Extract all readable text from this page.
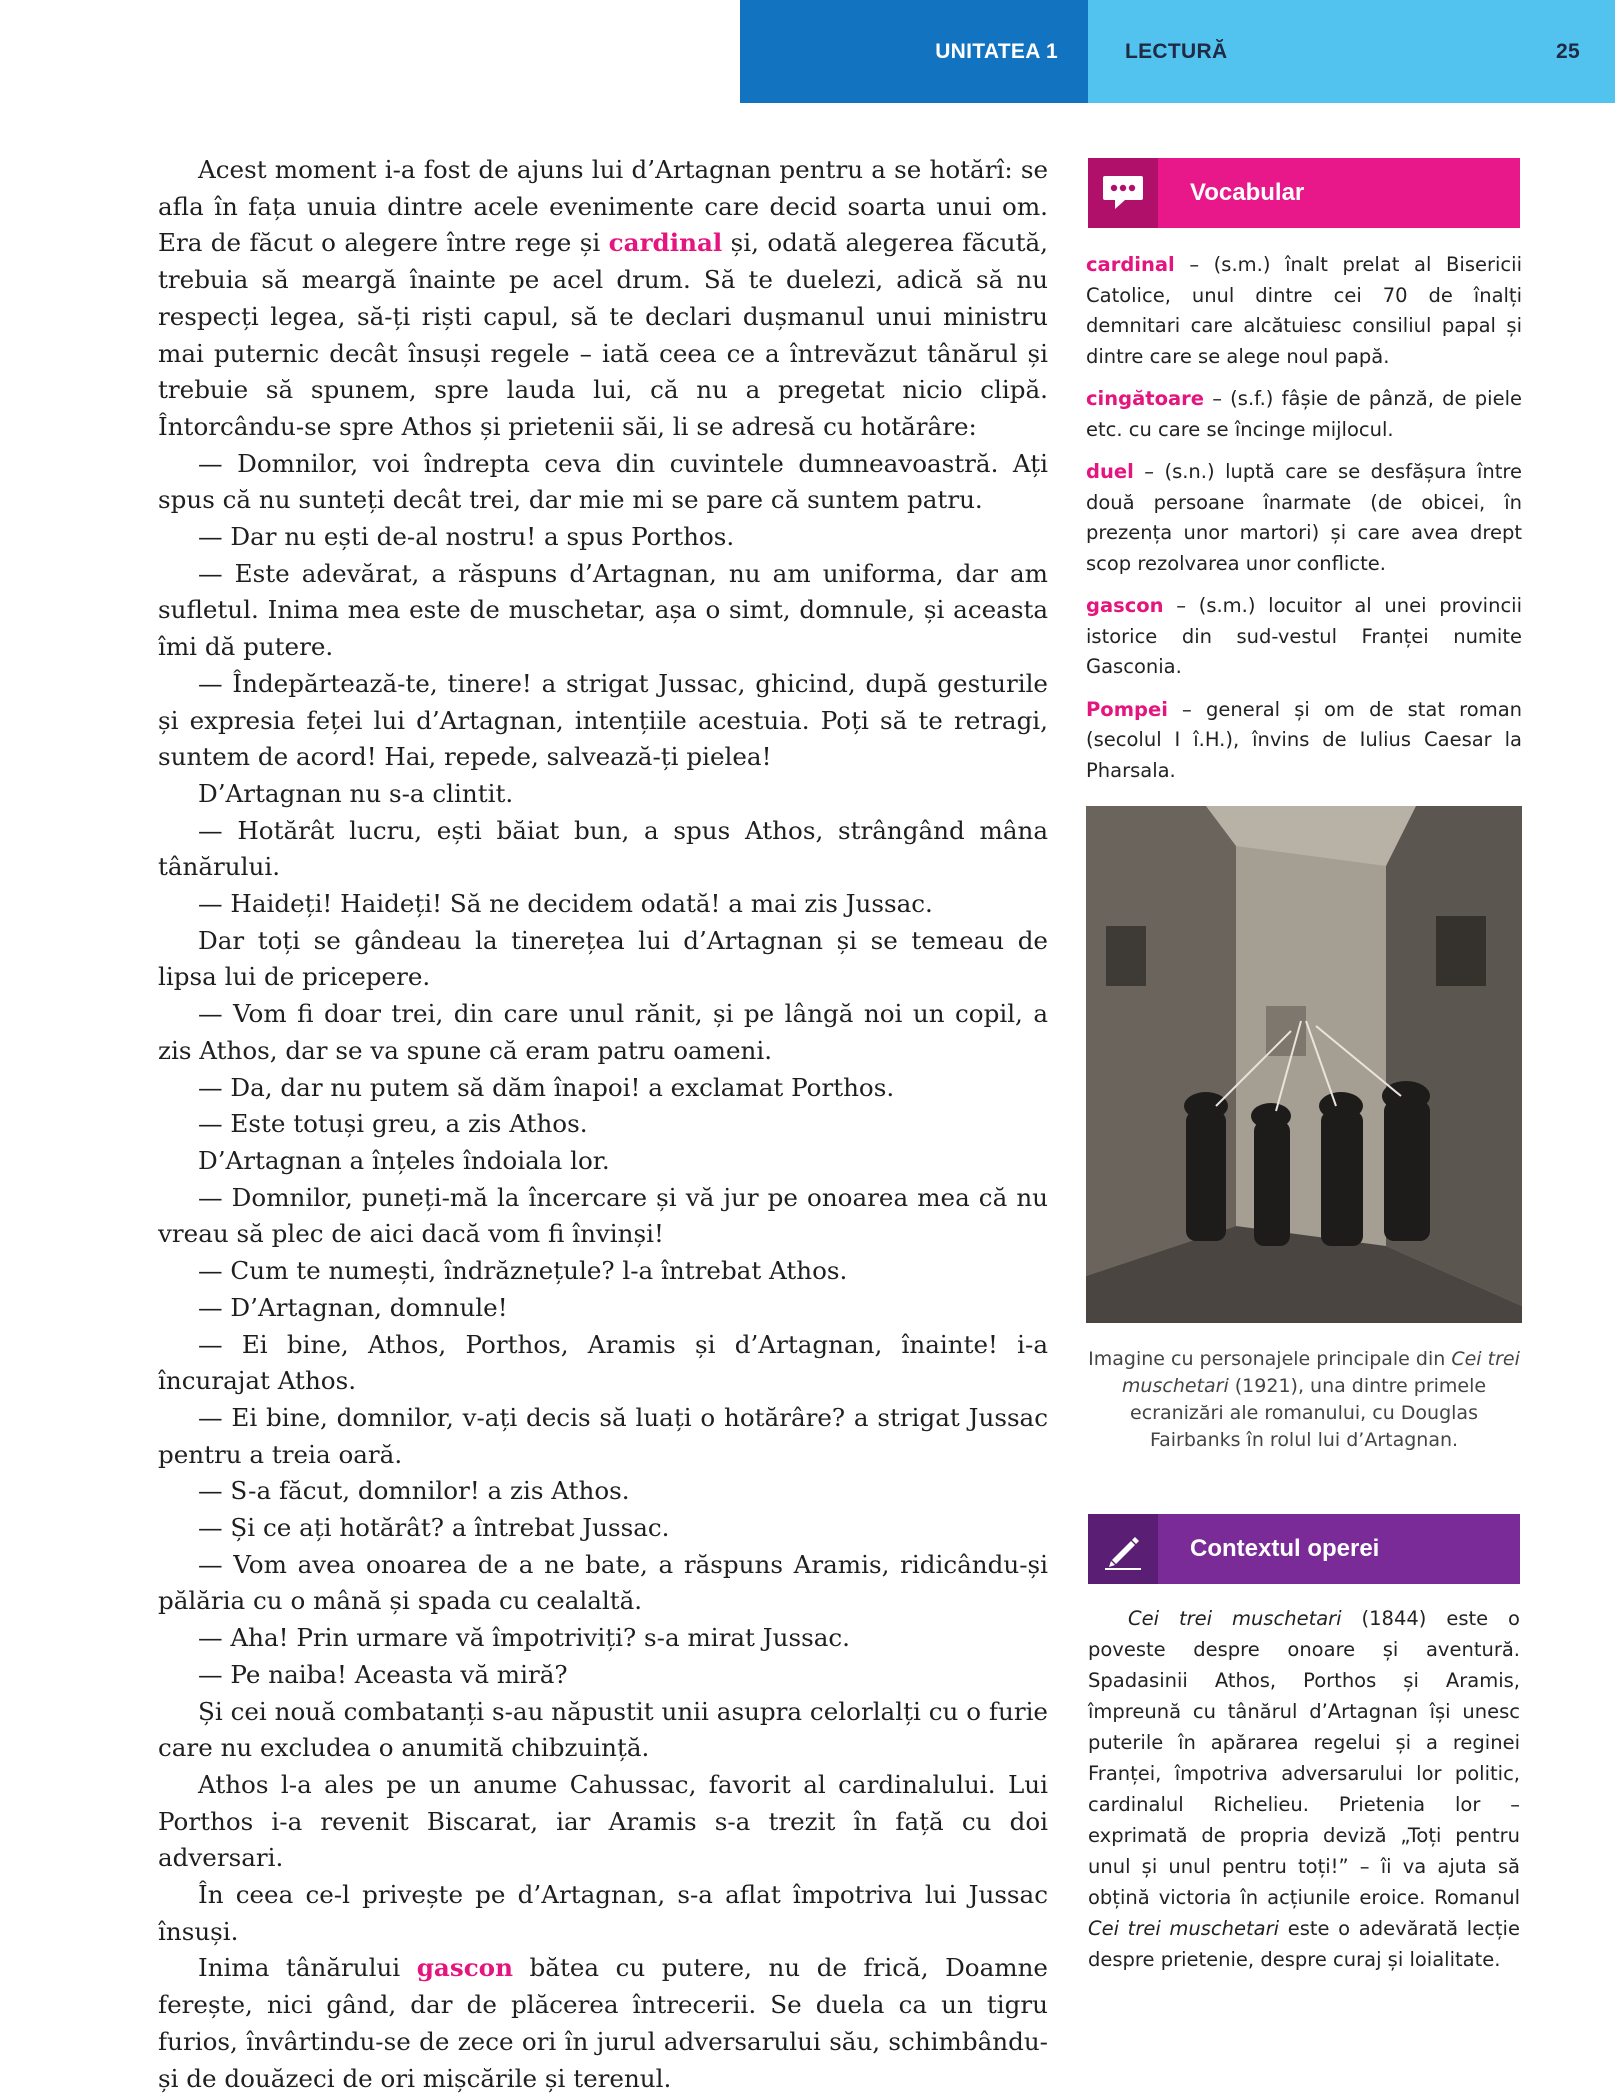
UNITATEA 1	LECTURĂ	25

Acest moment i-a fost de ajuns lui d’Artagnan pentru a se hotărî: se afla în fața unuia dintre acele evenimente care decid soarta unui om. Era de făcut o alegere între rege și cardinal și, odată alegerea făcută, trebuia să meargă înainte pe acel drum. Să te duelezi, adică să nu respecți legea, să-ți riști capul, să te declari dușmanul unui ministru mai puternic decât însuși regele – iată ceea ce a întrevăzut tânărul și trebuie să spunem, spre lauda lui, că nu a pregetat nicio clipă. Întorcându-se spre Athos și prietenii săi, li se adresă cu hotărâre:

— Domnilor, voi îndrepta ceva din cuvintele dumneavoastră. Ați spus că nu sunteți decât trei, dar mie mi se pare că suntem patru.

— Dar nu ești de-al nostru! a spus Porthos.

— Este adevărat, a răspuns d’Artagnan, nu am uniforma, dar am sufletul. Inima mea este de muschetar, așa o simt, domnule, și aceasta îmi dă putere.

— Îndepărtează-te, tinere! a strigat Jussac, ghicind, după gesturile și expresia feței lui d’Artagnan, intențiile acestuia. Poți să te retragi, suntem de acord! Hai, repede, salvează-ți pielea!

D’Artagnan nu s-a clintit.

— Hotărât lucru, ești băiat bun, a spus Athos, strângând mâna tânărului.

— Haideți! Haideți! Să ne decidem odată! a mai zis Jussac.

Dar toți se gândeau la tinerețea lui d’Artagnan și se temeau de lipsa lui de pricepere.

— Vom fi doar trei, din care unul rănit, și pe lângă noi un copil, a zis Athos, dar se va spune că eram patru oameni.

— Da, dar nu putem să dăm înapoi! a exclamat Porthos.

— Este totuși greu, a zis Athos.

D’Artagnan a înțeles îndoiala lor.

— Domnilor, puneți-mă la încercare și vă jur pe onoarea mea că nu vreau să plec de aici dacă vom fi învinși!

— Cum te numești, îndrăznețule? l-a întrebat Athos.

— D’Artagnan, domnule!

— Ei bine, Athos, Porthos, Aramis și d’Artagnan, înainte! i-a încurajat Athos.

— Ei bine, domnilor, v-ați decis să luați o hotărâre? a strigat Jussac pentru a treia oară.

— S-a făcut, domnilor! a zis Athos.

— Și ce ați hotărât? a întrebat Jussac.

— Vom avea onoarea de a ne bate, a răspuns Aramis, ridicându-și pălăria cu o mână și spada cu cealaltă.

— Aha! Prin urmare vă împotriviți? s-a mirat Jussac.

— Pe naiba! Aceasta vă miră?

Și cei nouă combatanți s-au năpustit unii asupra celorlalți cu o furie care nu excludea o anumită chibzuință.

Athos l-a ales pe un anume Cahussac, favorit al cardinalului. Lui Porthos i-a revenit Biscarat, iar Aramis s-a trezit în față cu doi adversari.

În ceea ce-l privește pe d’Artagnan, s-a aflat împotriva lui Jussac însuși.

Inima tânărului gascon bătea cu putere, nu de frică, Doamne ferește, nici gând, dar de plăcerea întrecerii. Se duela ca un tigru furios, învârtindu-se de zece ori în jurul adversarului său, schimbându-și de douăzeci de ori mișcările și terenul.

Vocabular

cardinal – (s.m.) înalt prelat al Bisericii Catolice, unul dintre cei 70 de înalți demnitari care alcătuiesc consiliul papal și dintre care se alege noul papă.

cingătoare – (s.f.) fâșie de pânză, de piele etc. cu care se încinge mijlocul.

duel – (s.n.) luptă care se desfășura între două persoane înarmate (de obicei, în prezența unor martori) și care avea drept scop rezolvarea unor conflicte.

gascon – (s.m.) locuitor al unei provincii istorice din sud-vestul Franței numite Gasconia.

Pompei – general și om de stat roman (secolul I î.H.), învins de Iulius Caesar la Pharsala.

Imagine cu personajele principale din Cei trei muschetari (1921), una dintre primele ecranizări ale romanului, cu Douglas Fairbanks în rolul lui d’Artagnan.
Contextul operei
Cei trei muschetari (1844) este o poveste despre onoare și aventură. Spadasinii Athos, Porthos și Aramis, împreună cu tânărul d’Artagnan își unesc puterile în apărarea regelui și a reginei Franței, împotriva adversarului lor politic, cardinalul Richelieu. Prietenia lor – exprimată de propria deviză „Toți pentru unul și unul pentru toți!” – îi va ajuta să obțină victoria în acțiunile eroice. Romanul Cei trei muschetari este o adevărată lecție despre prietenie, despre curaj și loialitate.
